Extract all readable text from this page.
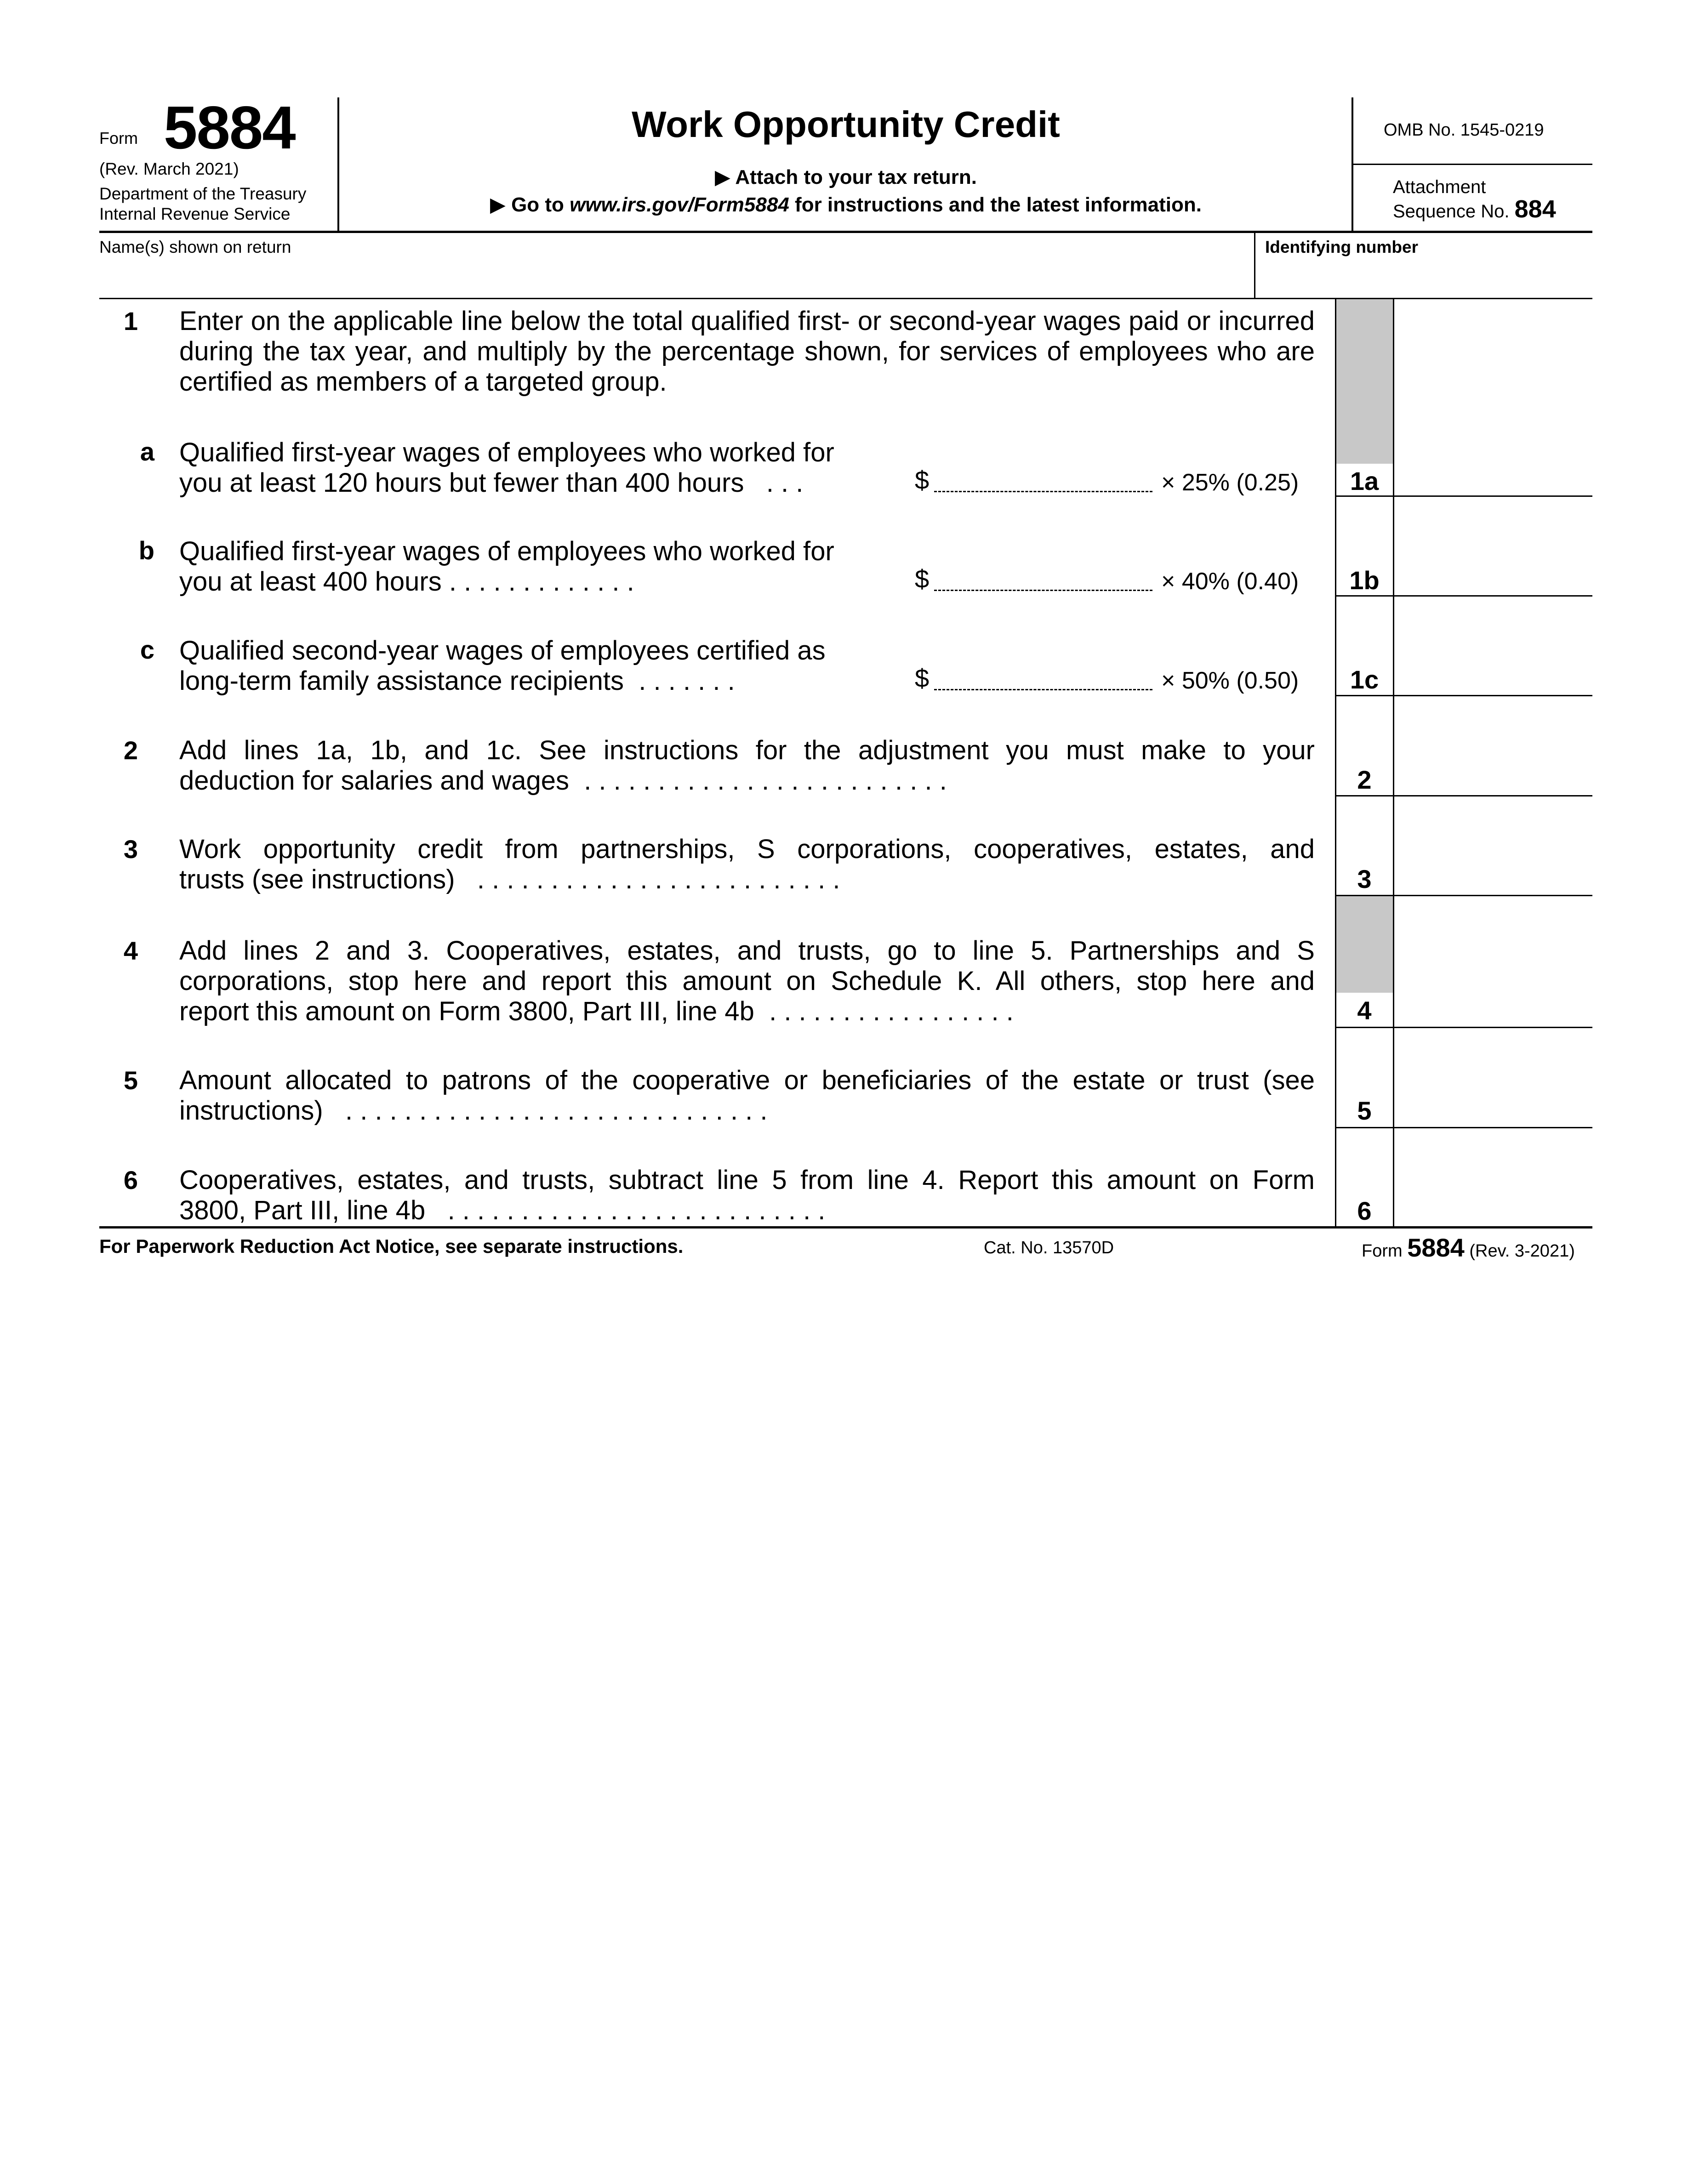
Form 5884
(Rev. March 2021)
Department of the Treasury
Internal Revenue Service
Work Opportunity Credit
▶ Attach to your tax return.
▶ Go to www.irs.gov/Form5884 for instructions and the latest information.
OMB No. 1545-0219
Attachment
Sequence No. 884
Name(s) shown on return	Identifying number
1 Enter on the applicable line below the total qualified first- or second-year wages paid or incurred during the tax year, and multiply by the percentage shown, for services of employees who are certified as members of a targeted group.
a Qualified first-year wages of employees who worked for
you at least 120 hours but fewer than 400 hours . . .	$	× 25% (0.25)	1a
b Qualified first-year wages of employees who worked for
you at least 400 hours . . . . . . . . . . . . .	$	× 40% (0.40)	1b
c Qualified second-year wages of employees certified as
long-term family assistance recipients . . . . . . .	$	× 50% (0.50)	1c
2 Add lines 1a, 1b, and 1c. See instructions for the adjustment you must make to your
deduction for salaries and wages . . . . . . . . . . . . . . . . . . . . . . . . .	2
3 Work opportunity credit from partnerships, S corporations, cooperatives, estates, and
trusts (see instructions) . . . . . . . . . . . . . . . . . . . . . . . . .	3
4 Add lines 2 and 3. Cooperatives, estates, and trusts, go to line 5. Partnerships and S
corporations, stop here and report this amount on Schedule K. All others, stop here and
report this amount on Form 3800, Part III, line 4b . . . . . . . . . . . . . . . . .	4
5 Amount allocated to patrons of the cooperative or beneficiaries of the estate or trust (see
instructions) . . . . . . . . . . . . . . . . . . . . . . . . . . . . .	5
6 Cooperatives, estates, and trusts, subtract line 5 from line 4. Report this amount on Form
3800, Part III, line 4b . . . . . . . . . . . . . . . . . . . . . . . . . .	6
For Paperwork Reduction Act Notice, see separate instructions.	Cat. No. 13570D	Form 5884 (Rev. 3-2021)
